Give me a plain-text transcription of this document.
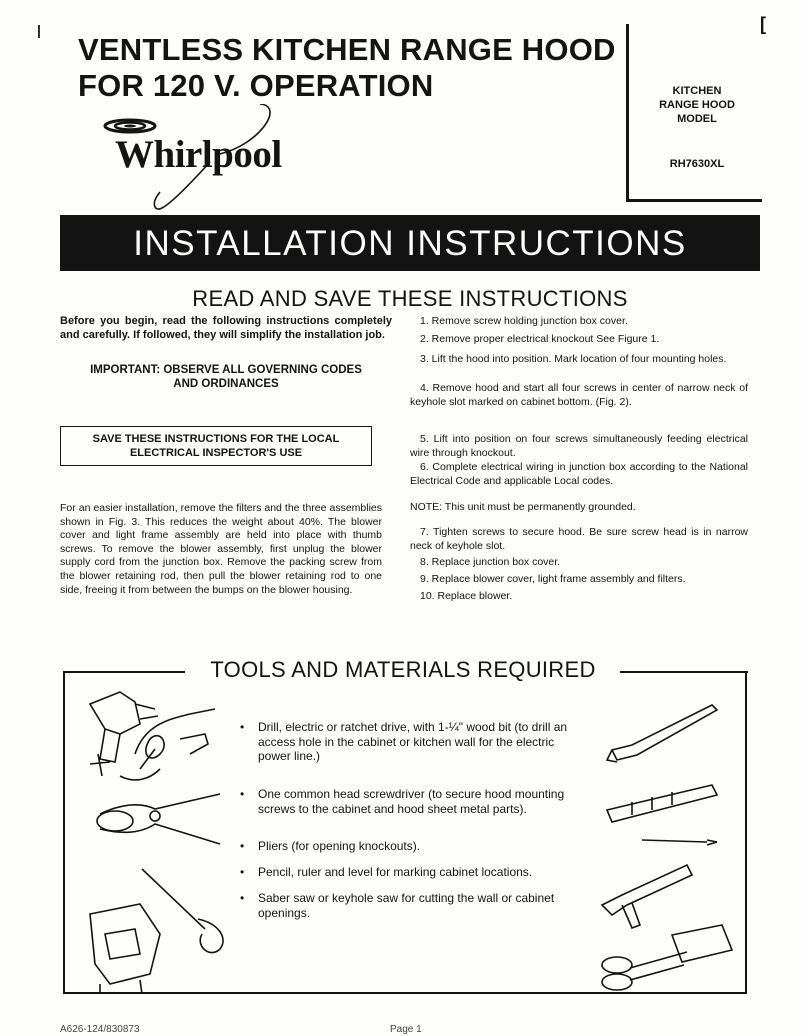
VENTLESS KITCHEN RANGE HOOD
FOR 120 V. OPERATION	KITCHEN
RANGE HOOD
MODEL
RH7630XL
Whirlpool
INSTALLATION INSTRUCTIONS
READ AND SAVE THESE INSTRUCTIONS
Before you begin, read the following instructions completely and carefully. If followed, they will simplify the installation job.
IMPORTANT: OBSERVE ALL GOVERNING CODES
AND ORDINANCES
SAVE THESE INSTRUCTIONS FOR THE LOCAL
ELECTRICAL INSPECTOR'S USE
For an easier installation, remove the filters and the three assemblies shown in Fig. 3. This reduces the weight about 40%. The blower cover and light frame assembly are held into place with thumb screws. To remove the blower assembly, first unplug the blower supply cord from the junction box. Remove the packing screw from the blower retaining rod, then pull the blower retaining rod to one side, freeing it from between the bumps on the blower housing.
1. Remove screw holding junction box cover.
2. Remove proper electrical knockout See Figure 1.
3. Lift the hood into position. Mark location of four mounting holes.
4. Remove hood and start all four screws in center of narrow neck of keyhole slot marked on cabinet bottom. (Fig. 2).
5. Lift into position on four screws simultaneously feeding electrical wire through knockout.
6. Complete electrical wiring in junction box according to the National Electrical Code and applicable Local codes.
NOTE: This unit must be permanently grounded.
7. Tighten screws to secure hood. Be sure screw head is in narrow neck of keyhole slot.
8. Replace junction box cover.
9. Replace blower cover, light frame assembly and filters.
10. Replace blower.
TOOLS AND MATERIALS REQUIRED
• Drill, electric or ratchet drive, with 1-¼" wood bit (to drill an access hole in the cabinet or kitchen wall for the electric power line.)
• One common head screwdriver (to secure hood mounting screws to the cabinet and hood sheet metal parts).
• Pliers (for opening knockouts).
• Pencil, ruler and level for marking cabinet locations.
• Saber saw or keyhole saw for cutting the wall or cabinet openings.
|	[
A626-124/830873	Page 1
